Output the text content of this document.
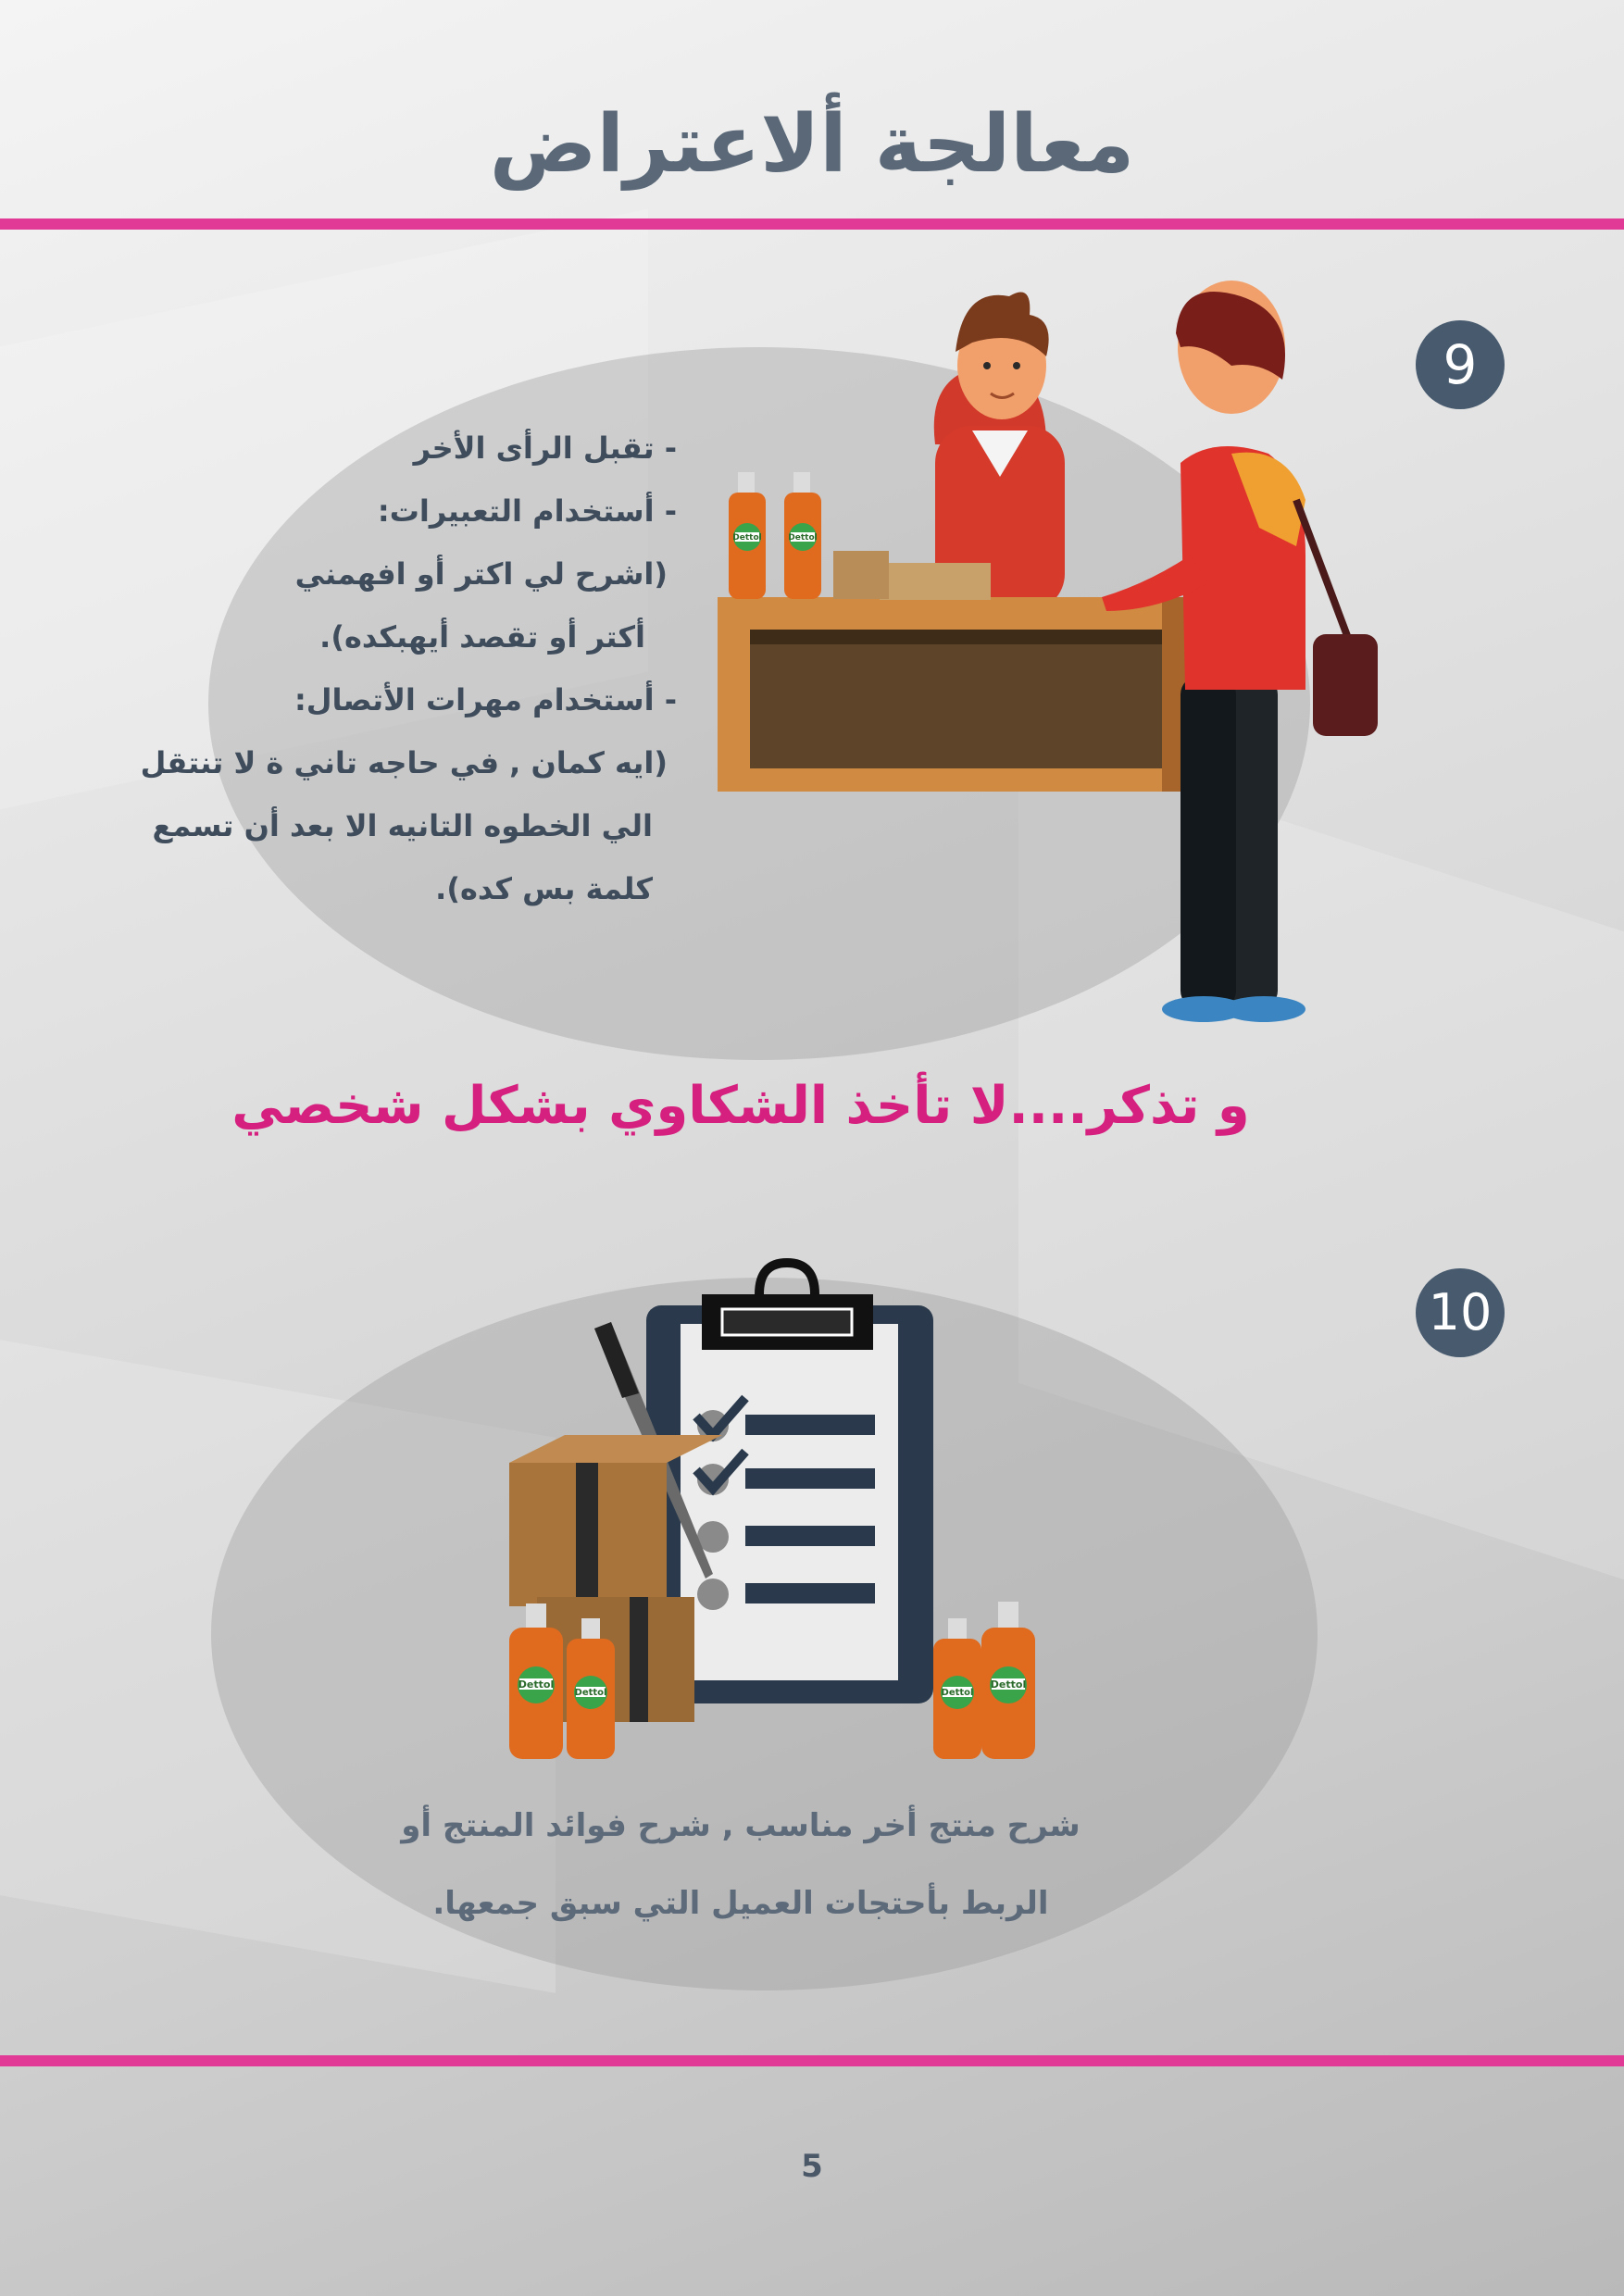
معالجة ألاعتراض
9
- تقبل الرأى الأخر
- أستخدام التعبيرات:
(اشرح لي اكتر أو افهمني
أكتر أو تقصد أيهبكده).
- أستخدام مهرات الأتصال:
(ايه كمان , في حاجه تاني ة لا تنتقل
الي الخطوه التانيه الا بعد أن تسمع
كلمة بس كده).
Dettol	Dettol
و تذكر....لا تأخذ الشكاوي بشكل شخصي
10
Dettol
Dettol	Dettol
Dettol
شرح منتج أخر مناسب , شرح فوائد المنتج أو
الربط بأحتجات العميل التي سبق جمعها.
5
